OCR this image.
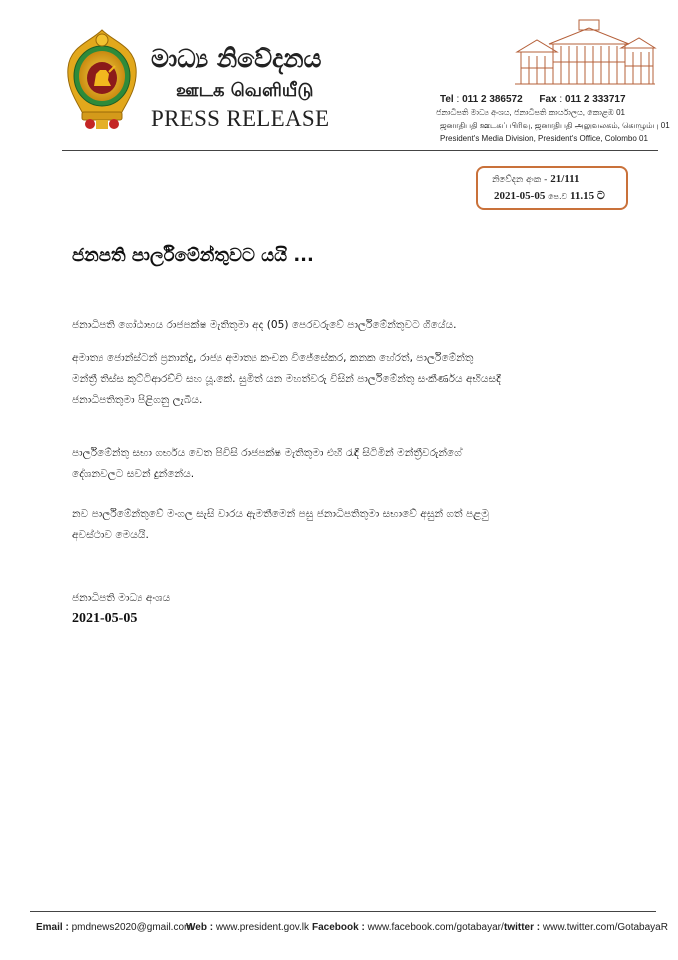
මාධ්‍ය නිවේදනය
ஊடக வெளியீடு
PRESS RELEASE
Tel : 011 2 386572 Fax : 011 2 333717
ජනාධිපති මාධ්‍ය අංශය, ජනාධිපති කාර්යාලය, කොළඹ 01
ஜனாதிபதி ஊடகப் பிரிவு, ஜனாதிபதி அலுவலகம், கொழும்பு 01
President's Media Division, President's Office, Colombo 01
නිවේදන අංක - 21/111
2021-05-05 පෙ.ව 11.15 ට
ජනපති පාර්ලිමේන්තුවට යයි ...
ජනාධිපති ගෝඨාභය රාජපක්ෂ මැතිතුමා අද (05) පෙරවරුවේ පාර්ලිමේන්තුවට ගියේය.
අමාත්‍ය ජොන්ස්ටන් ප්‍රනාන්දු, රාජ්‍ය අමාත්‍ය කංචන විජේසේකර, කනක හේරත්, පාර්ලිමේන්තු
මන්ත්‍රී තිස්ස කුට්ටිආරච්චි සහ යූ.කේ. සුමිත් යන මහත්වරු විසින් පාර්ලිමේන්තු සංකීර්ණය අභියසදී
ජනාධිපතිතුමා පිළිගනු ලැබීය.
පාර්ලිමේන්තු සභා ගර්භය වෙත පිවිසි රාජපක්ෂ මැතිතුමා එහි රැඳී සිටිමින් මන්ත්‍රීවරුන්ගේ
දේශනවලට සවන් දුන්නේය.
නව පාර්ලිමේන්තුවේ මංගල සැසි වාරය ඇමතීමෙන් පසු ජනාධිපතිතුමා සභාවේ අසුන් ගත් පළමු
අවස්ථාව මෙයයි.
ජනාධිපති මාධ්‍ය අංශය
2021-05-05
Email : pmdnews2020@gmail.com
Web : www.president.gov.lk Facebook : www.facebook.com/gotabayar/ twitter : www.twitter.com/GotabayaR
